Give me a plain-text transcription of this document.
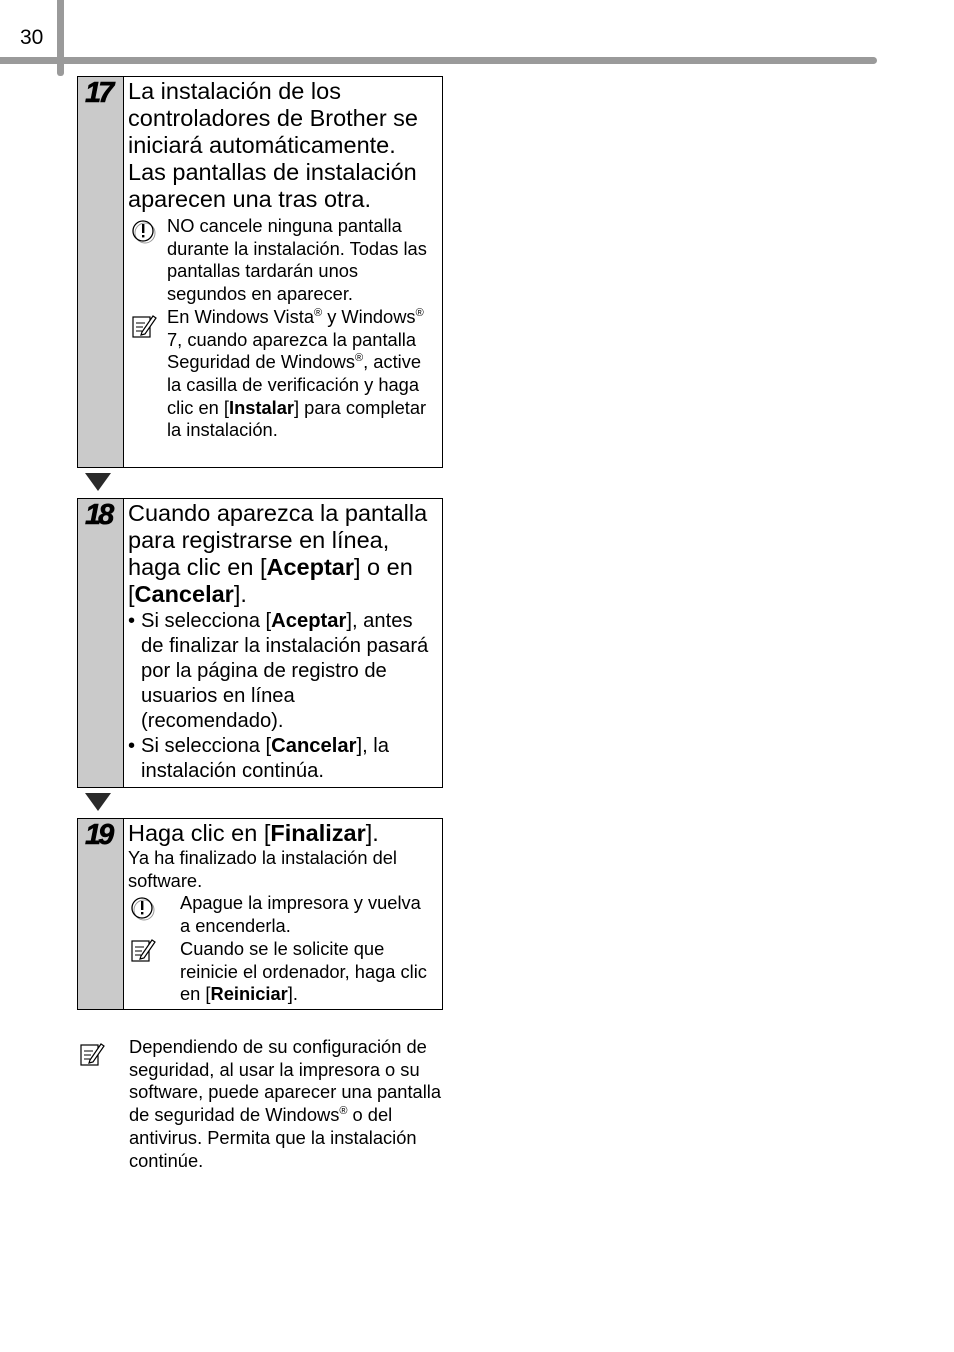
30
17 La instalación de los controladores de Brother se iniciará automáticamente. Las pantallas de instalación aparecen una tras otra.
NO cancele ninguna pantalla durante la instalación. Todas las pantallas tardarán unos segundos en aparecer.
En Windows Vista® y Windows® 7, cuando aparezca la pantalla Seguridad de Windows®, active la casilla de verificación y haga clic en [Instalar] para completar la instalación.
18 Cuando aparezca la pantalla para registrarse en línea, haga clic en [Aceptar] o en [Cancelar].
• Si selecciona [Aceptar], antes de finalizar la instalación pasará por la página de registro de usuarios en línea (recomendado).
• Si selecciona [Cancelar], la instalación continúa.
19 Haga clic en [Finalizar].
Ya ha finalizado la instalación del software.
Apague la impresora y vuelva a encenderla.
Cuando se le solicite que reinicie el ordenador, haga clic en [Reiniciar].
Dependiendo de su configuración de seguridad, al usar la impresora o su software, puede aparecer una pantalla de seguridad de Windows® o del antivirus. Permita que la instalación continúe.
